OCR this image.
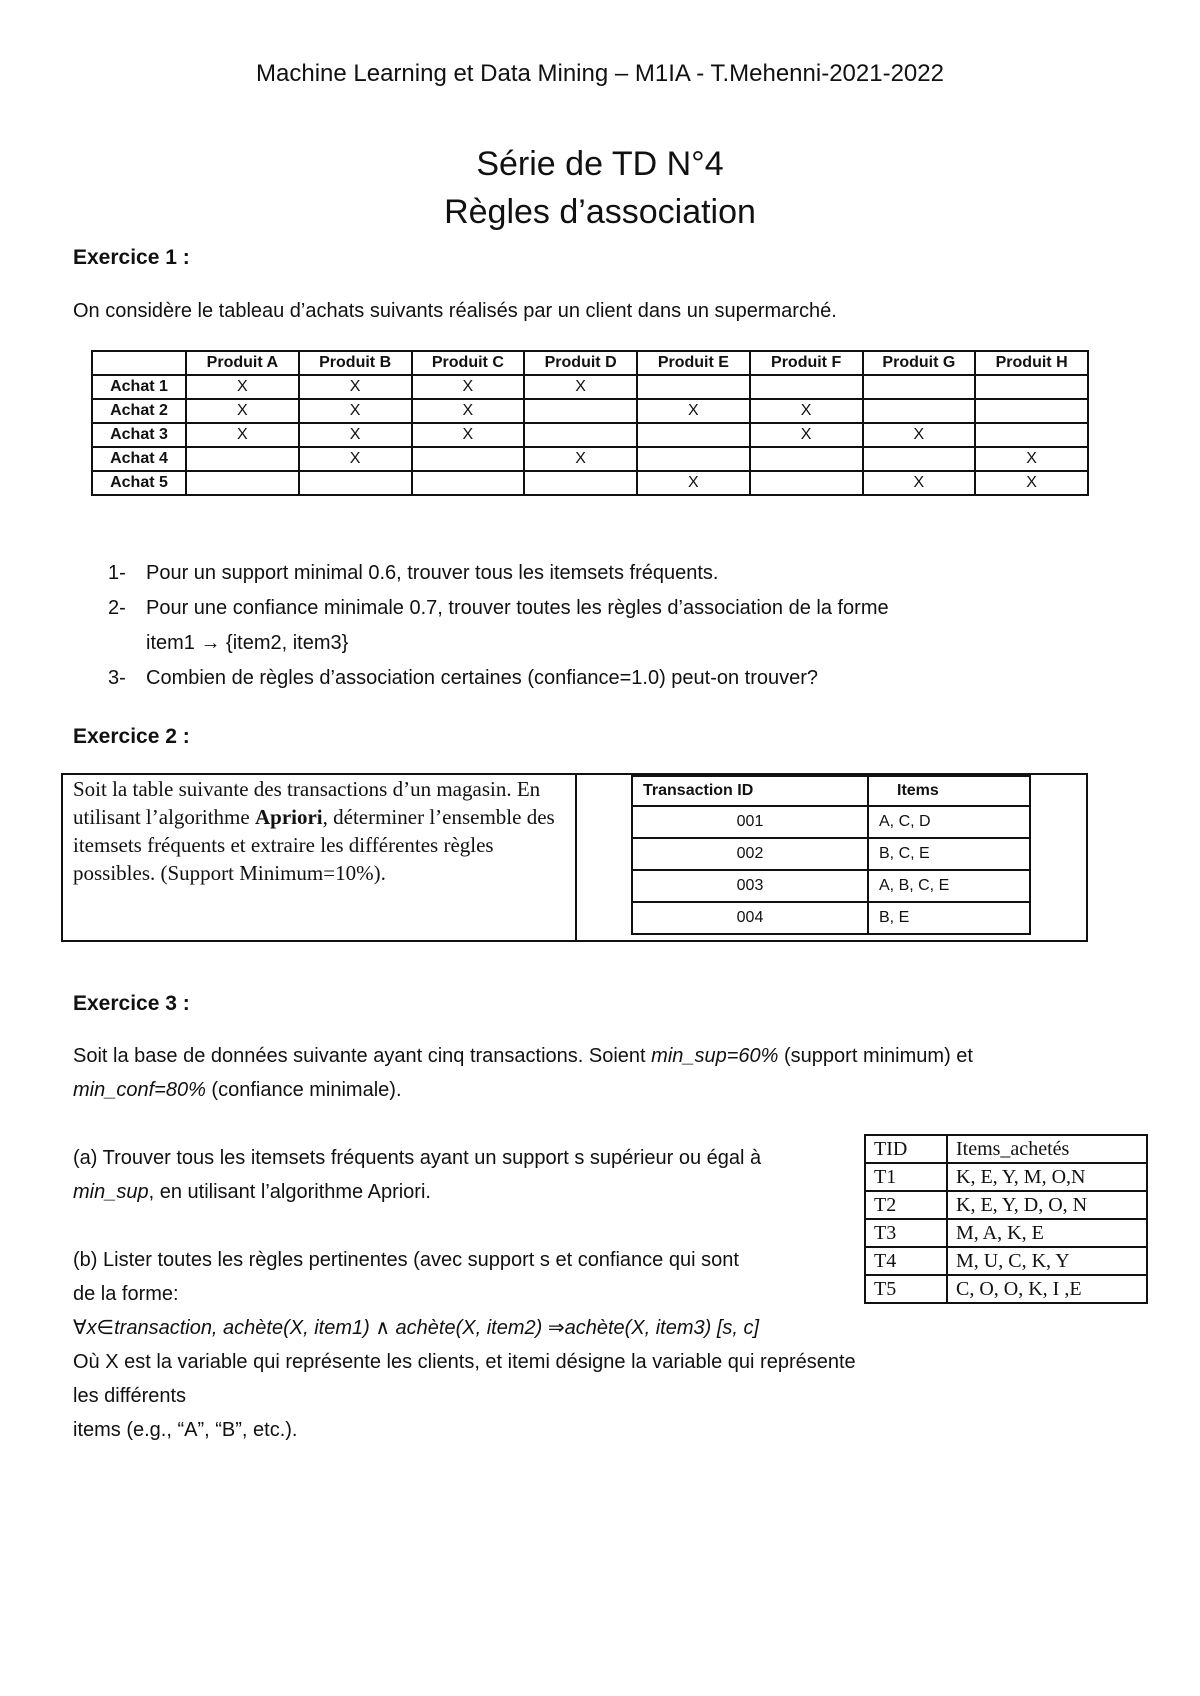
Machine Learning et Data Mining – M1IA - T.Mehenni-2021-2022
Série de TD N°4
Règles d’association
Exercice 1 :
On considère le tableau d’achats suivants réalisés par un client dans un supermarché.
	Produit A	Produit B	Produit C	Produit D	Produit E	Produit F	Produit G	Produit H
Achat 1	X	X	X	X				
Achat 2	X	X	X		X	X		
Achat 3	X	X	X			X	X	
Achat 4		X		X				X
Achat 5					X		X	X
1- Pour un support minimal 0.6, trouver tous les itemsets fréquents.
2- Pour une confiance minimale 0.7, trouver toutes les règles d’association de la forme
item1 → {item2, item3}
3- Combien de règles d’association certaines (confiance=1.0) peut-on trouver?
Exercice 2 :
Soit la table suivante des transactions d’un magasin. En utilisant l’algorithme Apriori, déterminer l’ensemble des itemsets fréquents et extraire les différentes règles possibles. (Support Minimum=10%).
Transaction ID	Items
001	A, C, D
002	B, C, E
003	A, B, C, E
004	B, E
Exercice 3 :
Soit la base de données suivante ayant cinq transactions. Soient min_sup=60% (support minimum) et
min_conf=80% (confiance minimale).
(a) Trouver tous les itemsets fréquents ayant un support s supérieur ou égal à
min_sup, en utilisant l’algorithme Apriori.
(b) Lister toutes les règles pertinentes (avec support s et confiance qui sont
de la forme:
∀x∈transaction, achète(X, item1) ∧ achète(X, item2) ⇒achète(X, item3) [s, c]
Où X est la variable qui représente les clients, et itemi désigne la variable qui représente les différents
items (e.g., “A”, “B”, etc.).
TID	Items_achetés
T1	K, E, Y, M, O,N
T2	K, E, Y, D, O, N
T3	M, A, K, E
T4	M, U, C, K, Y
T5	C, O, O, K, I ,E
